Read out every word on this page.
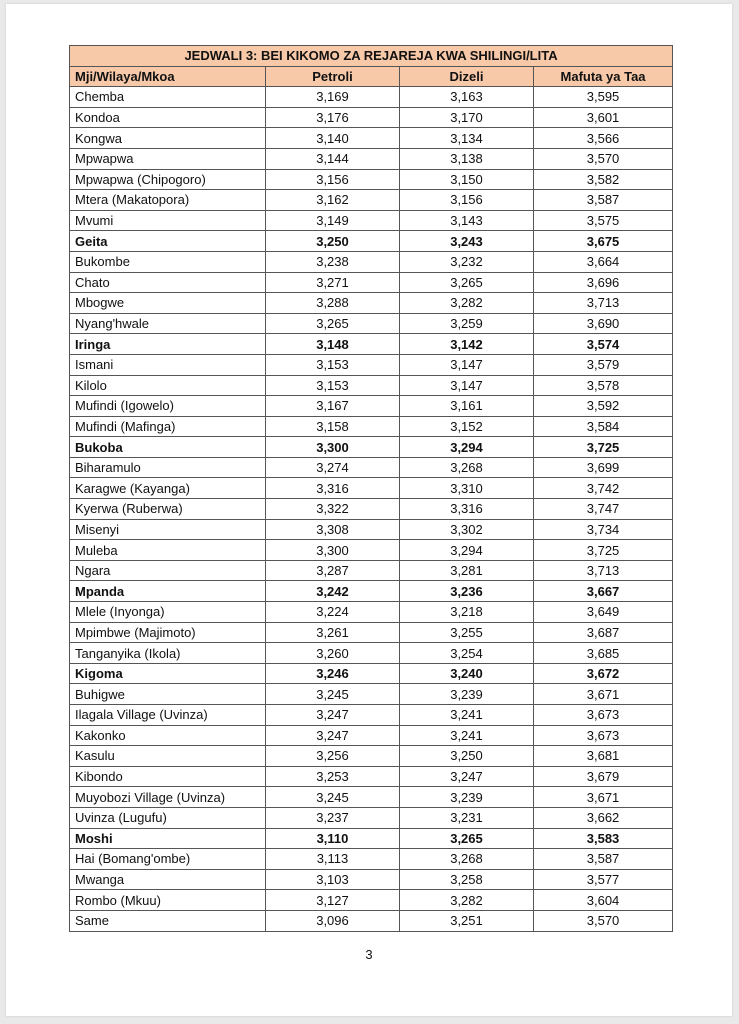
JEDWALI 3: BEI KIKOMO ZA REJAREJA KWA SHILINGI/LITA			
Mji/Wilaya/Mkoa	Petroli	Dizeli	Mafuta ya Taa
Chemba	3,169	3,163	3,595
Kondoa	3,176	3,170	3,601
Kongwa	3,140	3,134	3,566
Mpwapwa	3,144	3,138	3,570
Mpwapwa (Chipogoro)	3,156	3,150	3,582
Mtera (Makatopora)	3,162	3,156	3,587
Mvumi	3,149	3,143	3,575
Geita	3,250	3,243	3,675
Bukombe	3,238	3,232	3,664
Chato	3,271	3,265	3,696
Mbogwe	3,288	3,282	3,713
Nyang'hwale	3,265	3,259	3,690
Iringa	3,148	3,142	3,574
Ismani	3,153	3,147	3,579
Kilolo	3,153	3,147	3,578
Mufindi (Igowelo)	3,167	3,161	3,592
Mufindi (Mafinga)	3,158	3,152	3,584
Bukoba	3,300	3,294	3,725
Biharamulo	3,274	3,268	3,699
Karagwe (Kayanga)	3,316	3,310	3,742
Kyerwa (Ruberwa)	3,322	3,316	3,747
Misenyi	3,308	3,302	3,734
Muleba	3,300	3,294	3,725
Ngara	3,287	3,281	3,713
Mpanda	3,242	3,236	3,667
Mlele (Inyonga)	3,224	3,218	3,649
Mpimbwe (Majimoto)	3,261	3,255	3,687
Tanganyika (Ikola)	3,260	3,254	3,685
Kigoma	3,246	3,240	3,672
Buhigwe	3,245	3,239	3,671
Ilagala Village (Uvinza)	3,247	3,241	3,673
Kakonko	3,247	3,241	3,673
Kasulu	3,256	3,250	3,681
Kibondo	3,253	3,247	3,679
Muyobozi Village (Uvinza)	3,245	3,239	3,671
Uvinza (Lugufu)	3,237	3,231	3,662
Moshi	3,110	3,265	3,583
Hai (Bomang'ombe)	3,113	3,268	3,587
Mwanga	3,103	3,258	3,577
Rombo (Mkuu)	3,127	3,282	3,604
Same	3,096	3,251	3,570
3
